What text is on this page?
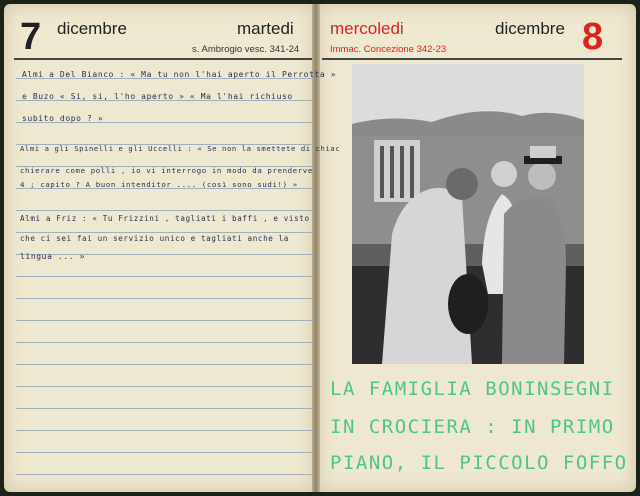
7 dicembre	martedi
s. Ambrogio vesc. 341-24
mercoledi	dicembre 8
Immac. Concezione 342-23
Almi a Del Bianco : « Ma tu non l'hai aperto il Perrotta »
e Buzo « Si, si, l'ho aperto » « Ma l'hai richiuso
subito dopo ? »
Almi a gli Spinelli e gli Uccelli : « Se non la smettete di chiac
chierare come polli , io vi interrogo in modo da prenderve
4 ; capito ? A buon intenditor .... (così sono sudi!) »
Almi a Friz : « Tu Frizzini , tagliati i baffi , e visto
che ci sei fai un servizio unico e tagliati anche la
lingua ... »
LA FAMIGLIA BONINSEGNI
IN CROCIERA : IN PRIMO
PIANO, IL PICCOLO FOFFO
